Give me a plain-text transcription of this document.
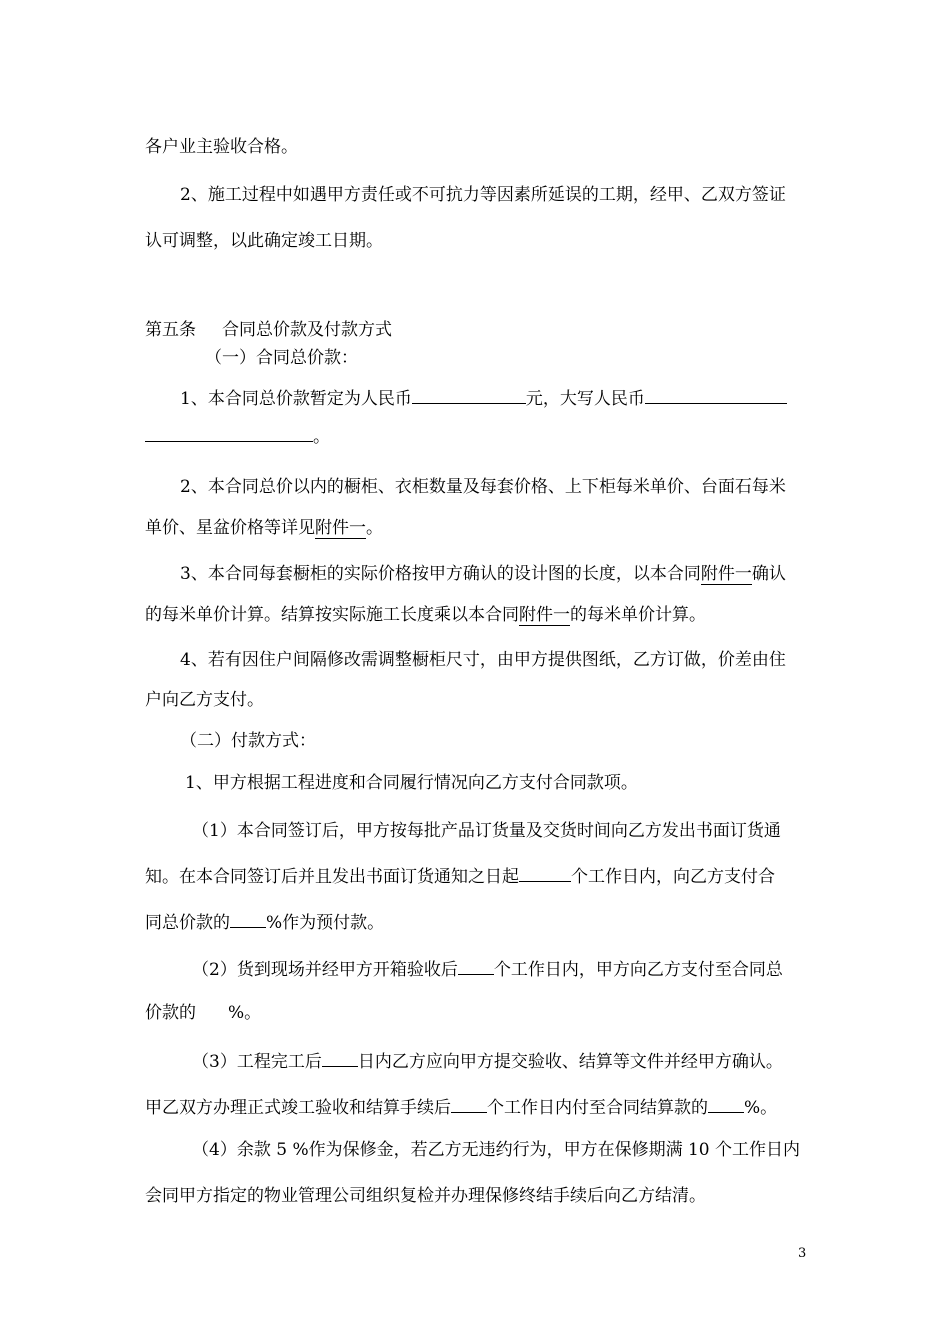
各户业主验收合格。
2、施工过程中如遇甲方责任或不可抗力等因素所延误的工期，经甲、乙双方签证
认可调整，以此确定竣工日期。
第五条 合同总价款及付款方式
（一）合同总价款：
1、本合同总价款暂定为人民币	元，大写人民币
。
2、本合同总价以内的橱柜、衣柜数量及每套价格、上下柜每米单价、台面石每米
单价、星盆价格等详见附件一。
3、本合同每套橱柜的实际价格按甲方确认的设计图的长度，以本合同附件一确认
的每米单价计算。结算按实际施工长度乘以本合同附件一的每米单价计算。
4、若有因住户间隔修改需调整橱柜尺寸，由甲方提供图纸，乙方订做，价差由住
户向乙方支付。
（二）付款方式：
1、甲方根据工程进度和合同履行情况向乙方支付合同款项。
（1）本合同签订后，甲方按每批产品订货量及交货时间向乙方发出书面订货通
知。在本合同签订后并且发出书面订货通知之日起	个工作日内，向乙方支付合
同总价款的 %作为预付款。
（2）货到现场并经甲方开箱验收后 个工作日内，甲方向乙方支付至合同总
价款的 %。
（3）工程完工后 日内乙方应向甲方提交验收、结算等文件并经甲方确认。
甲乙双方办理正式竣工验收和结算手续后 个工作日内付至合同结算款的 %。
（4）余款 5 %作为保修金，若乙方无违约行为，甲方在保修期满 10 个工作日内
会同甲方指定的物业管理公司组织复检并办理保修终结手续后向乙方结清。
3
